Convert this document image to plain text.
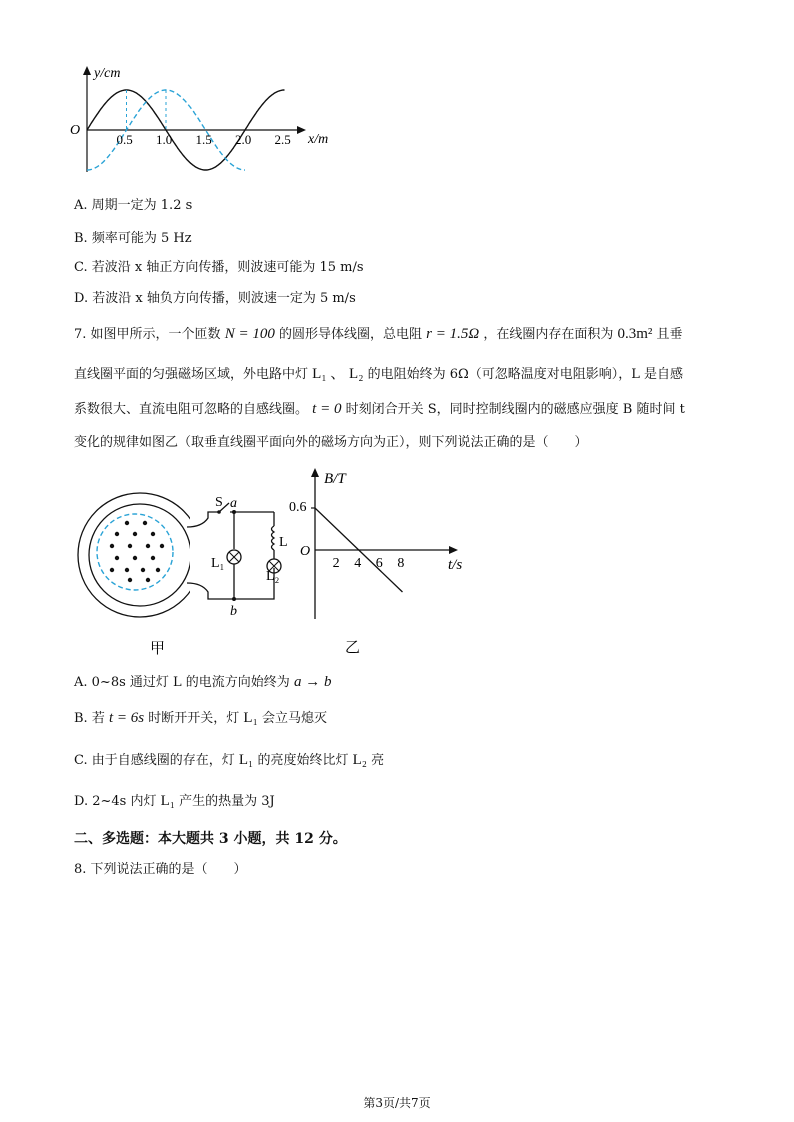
y/cm
x/m
O
0.5 1.0 1.5 2.0 2.5
A. 周期一定为 1.2 s
B. 频率可能为 5 Hz
C. 若波沿 x 轴正方向传播，则波速可能为 15 m/s
D. 若波沿 x 轴负方向传播，则波速一定为 5 m/s
7. 如图甲所示，一个匝数 N = 100 的圆形导体线圈，总电阻 r = 1.5Ω ，在线圈内存在面积为 0.3m² 且垂
直线圈平面的匀强磁场区域，外电路中灯 L₁ 、 L₂ 的电阻始终为 6Ω（可忽略温度对电阻影响），L 是自感
系数很大、直流电阻可忽略的自感线圈。 t = 0 时刻闭合开关 S，同时控制线圈内的磁感应强度 B 随时间 t
变化的规律如图乙（取垂直线圈平面向外的磁场方向为正），则下列说法正确的是（　　）
S a
L₁
L
L₂
b
甲
B/T
t/s
O
0.6
2 4 6 8
乙
A. 0~8s 通过灯 L 的电流方向始终为 a → b
B. 若 t = 6s 时断开开关，灯 L₁ 会立马熄灭
C. 由于自感线圈的存在，灯 L₁ 的亮度始终比灯 L₂ 亮
D. 2~4s 内灯 L₁ 产生的热量为 3J
二、多选题：本大题共 3 小题，共 12 分。
8. 下列说法正确的是（　　）
第3页/共7页
